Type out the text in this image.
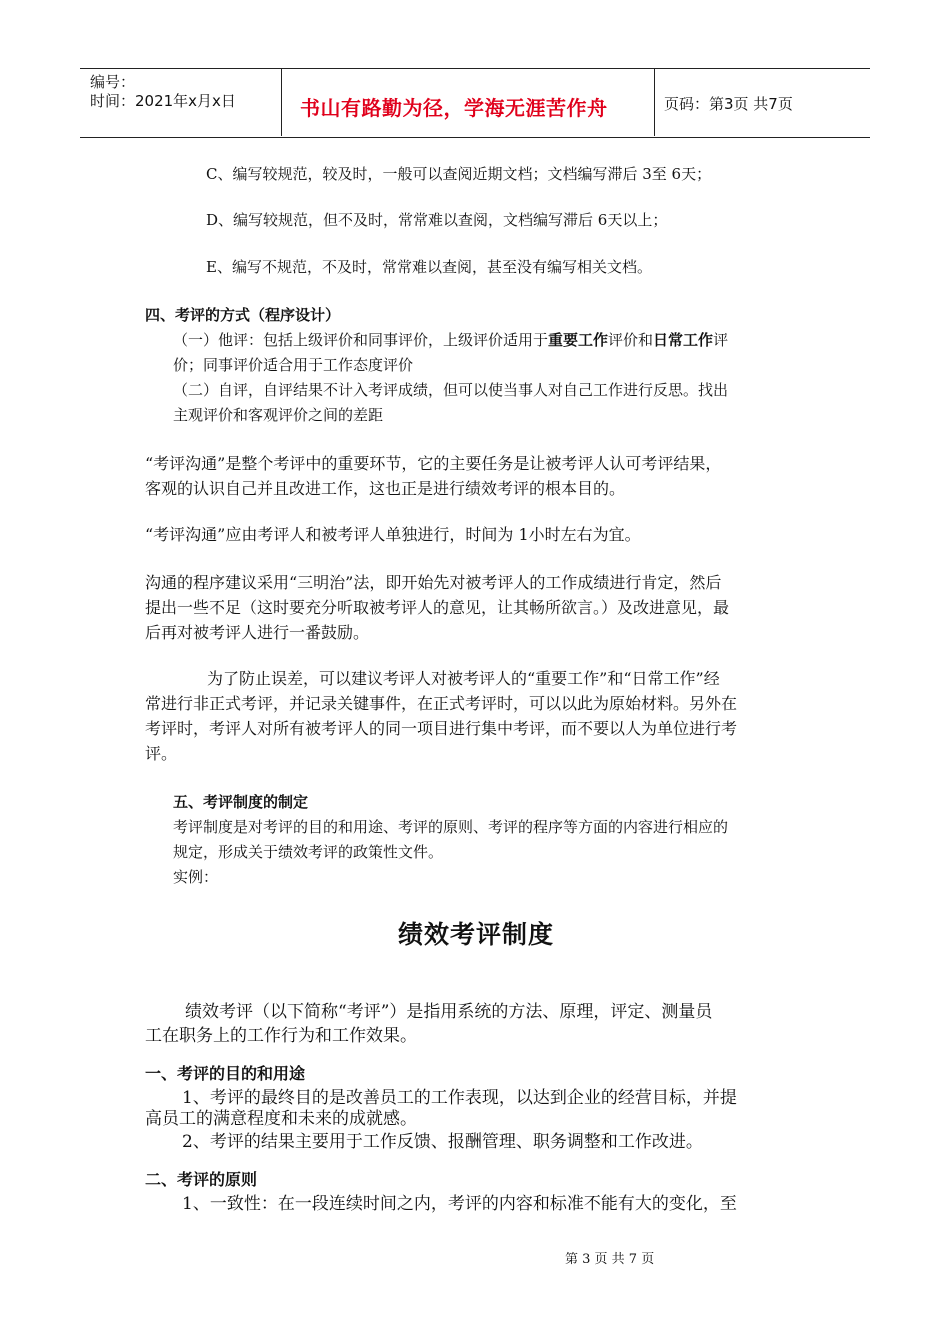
编号：
时间：2021年x月x日	书山有路勤为径，学海无涯苦作舟	页码：第3页 共7页
C、编写较规范，较及时，一般可以查阅近期文档；文档编写滞后 3至 6天；
D、编写较规范，但不及时，常常难以查阅，文档编写滞后 6天以上；
E、编写不规范，不及时，常常难以查阅，甚至没有编写相关文档。
四、考评的方式（程序设计）
（一）他评：包括上级评价和同事评价，上级评价适用于重要工作评价和日常工作评
价；同事评价适合用于工作态度评价
（二）自评，自评结果不计入考评成绩，但可以使当事人对自己工作进行反思。找出
主观评价和客观评价之间的差距
“考评沟通”是整个考评中的重要环节，它的主要任务是让被考评人认可考评结果，
客观的认识自己并且改进工作，这也正是进行绩效考评的根本目的。
“考评沟通”应由考评人和被考评人单独进行，时间为 1小时左右为宜。
沟通的程序建议采用“三明治”法，即开始先对被考评人的工作成绩进行肯定，然后
提出一些不足（这时要充分听取被考评人的意见，让其畅所欲言。）及改进意见，最
后再对被考评人进行一番鼓励。
为了防止误差，可以建议考评人对被考评人的“重要工作”和“日常工作”经
常进行非正式考评，并记录关键事件，在正式考评时，可以以此为原始材料。另外在
考评时，考评人对所有被考评人的同一项目进行集中考评，而不要以人为单位进行考
评。
五、考评制度的制定
考评制度是对考评的目的和用途、考评的原则、考评的程序等方面的内容进行相应的
规定，形成关于绩效考评的政策性文件。
实例：
绩效考评制度
绩效考评（以下简称“考评”）是指用系统的方法、原理，评定、测量员
工在职务上的工作行为和工作效果。
一、考评的目的和用途
1、考评的最终目的是改善员工的工作表现，以达到企业的经营目标，并提
高员工的满意程度和未来的成就感。
2、考评的结果主要用于工作反馈、报酬管理、职务调整和工作改进。
二、考评的原则
1、一致性：在一段连续时间之内，考评的内容和标准不能有大的变化，至
第 3 页 共 7 页
